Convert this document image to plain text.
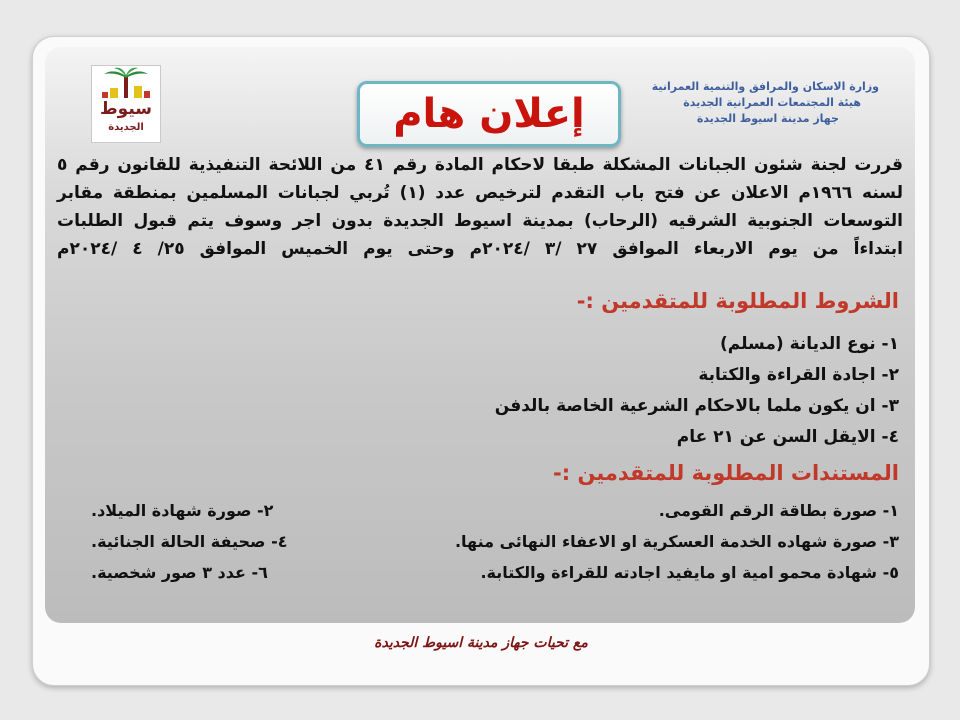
سيوط
الجديدة	إعلان هام
وزارة الاسكان والمرافق والتنمية العمرانية
هيئة المجتمعات العمرانية الجديدة
جهاز مدينة اسيوط الجديدة
قررت لجنة شئون الجبانات المشكلة طبقا لاحكام المادة رقم ٤١ من اللائحة التنفيذية للقانون رقم ٥
لسنه ١٩٦٦م الاعلان عن فتح باب التقدم لترخيص عدد (١) تُربي لجبانات المسلمين بمنطقة مقابر
التوسعات الجنوبية الشرقيه (الرحاب) بمدينة اسيوط الجديدة بدون اجر وسوف يتم قبول الطلبات
ابتداءاً من يوم الاربعاء الموافق ٢٧ /٣ /٢٠٢٤م وحتى يوم الخميس الموافق ٢٥/ ٤ /٢٠٢٤م
الشروط المطلوبة للمتقدمين :-
١- نوع الديانة (مسلم)
٢- اجادة القراءة والكتابة
٣- ان يكون ملما بالاحكام الشرعية الخاصة بالدفن
٤- الايقل السن عن ٢١ عام
المستندات المطلوبة للمتقدمين :-
١- صورة بطاقة الرقم القومى.
٢- صورة شهادة الميلاد.
٣- صورة شهاده الخدمة العسكرية او الاعفاء النهائى منها.
٤- صحيفة الحالة الجنائية.
٥- شهادة محمو امية او مايفيد اجادته للقراءة والكتابة.
٦- عدد ٣ صور شخصية.
مع تحيات جهاز مدينة اسيوط الجديدة
